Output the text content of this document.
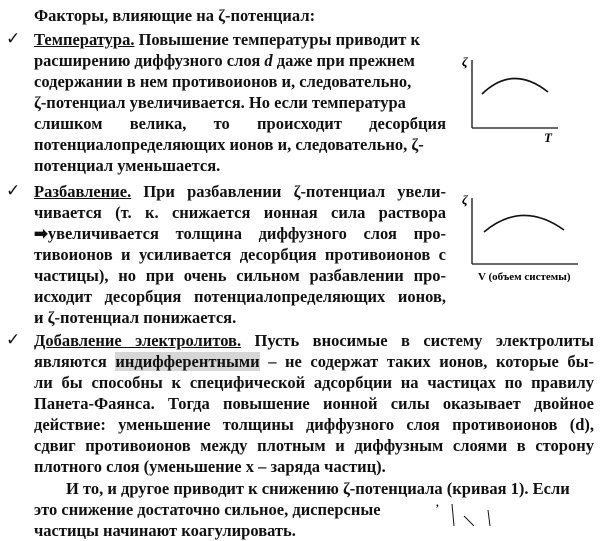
Факторы, влияющие на ζ-потенциал:
✓ Температура. Повышение температуры приводит к
расширению диффузного слоя d даже при прежнем
содержании в нем противоионов и, следовательно,
ζ-потенциал увеличивается. Но если температура
слишком велика, то происходит десорбция
потенциалопределяющих ионов и, следовательно, ζ-
потенциал уменьшается.
ζ
T
✓ Разбавление. При разбавлении ζ-потенциал увели-
чивается (т. к. снижается ионная сила раствора
➡увеличивается толщина диффузного слоя про-
тивоионов и усиливается десорбция противоионов с
частицы), но при очень сильном разбавлении про-
исходит десорбция потенциалопределяющих ионов,
и ζ-потенциал понижается.
ζ
V (объем системы)
✓ Добавление электролитов. Пусть вносимые в систему электролиты
являются индифферентными – не содержат таких ионов, которые бы-
ли бы способны к специфической адсорбции на частицах по правилу
Панета-Фаянса. Тогда повышение ионной силы оказывает двойное
действие: уменьшение толщины диффузного слоя противоионов (d),
сдвиг противоионов между плотным и диффузным слоями в сторону
плотного слоя (уменьшение x – заряда частиц).
И то, и другое приводит к снижению ζ-потенциала (кривая 1). Если
это снижение достаточно сильное, дисперсные
частицы начинают коагулировать.
,
